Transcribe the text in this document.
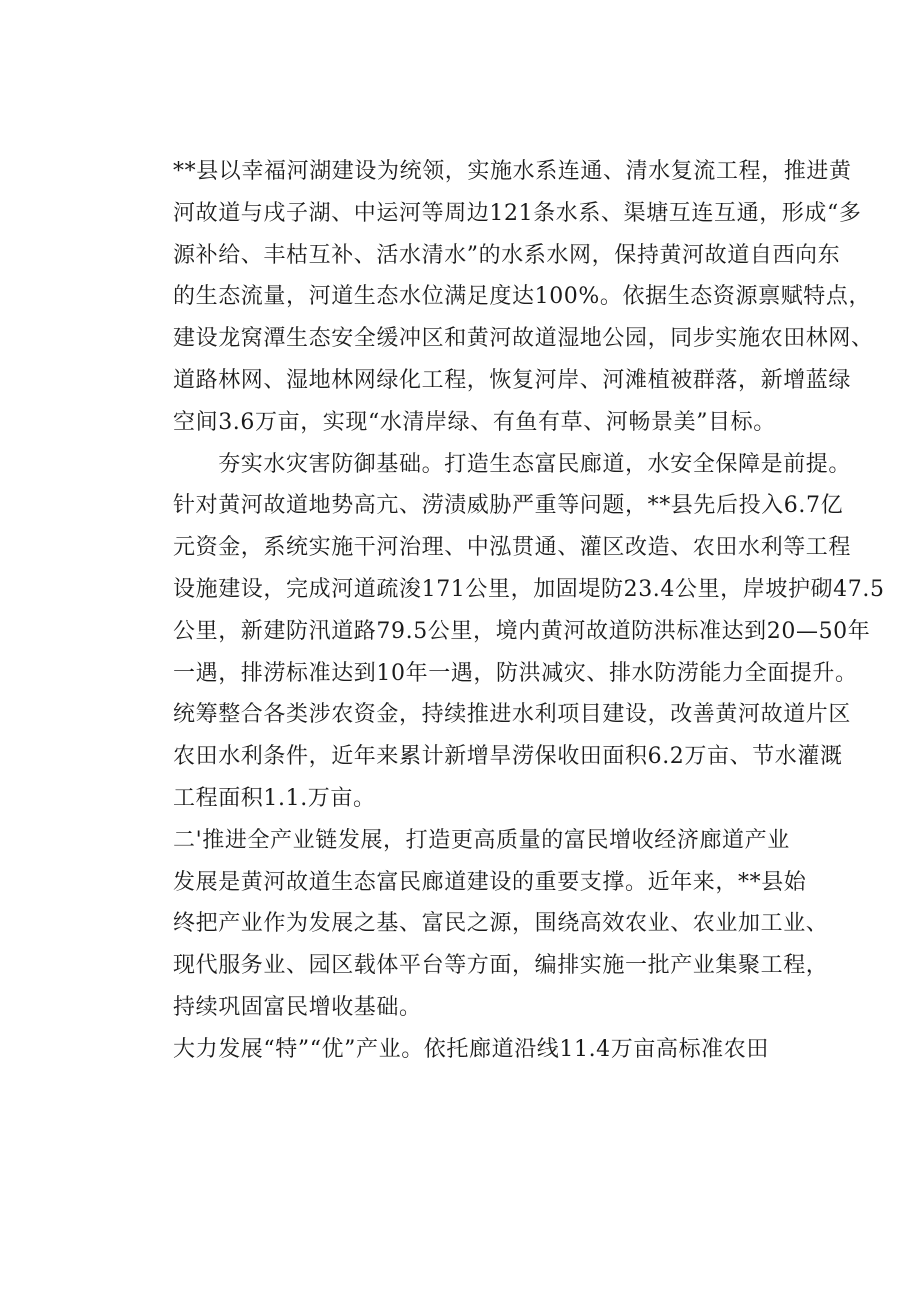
**县以幸福河湖建设为统领，实施水系连通、清水复流工程，推进黄
河故道与戌子湖、中运河等周边121条水系、渠塘互连互通，形成“多
源补给、丰枯互补、活水清水”的水系水网，保持黄河故道自西向东
的生态流量，河道生态水位满足度达100%。依据生态资源禀赋特点，
建设龙窝潭生态安全缓冲区和黄河故道湿地公园，同步实施农田林网、
道路林网、湿地林网绿化工程，恢复河岸、河滩植被群落，新增蓝绿
空间3.6万亩，实现“水清岸绿、有鱼有草、河畅景美”目标。
　　夯实水灾害防御基础。打造生态富民廊道，水安全保障是前提。
针对黄河故道地势高亢、涝渍威胁严重等问题，**县先后投入6.7亿
元资金，系统实施干河治理、中泓贯通、灌区改造、农田水利等工程
设施建设，完成河道疏浚171公里，加固堤防23.4公里，岸坡护砌47.5
公里，新建防汛道路79.5公里，境内黄河故道防洪标准达到20—50年
一遇，排涝标准达到10年一遇，防洪减灾、排水防涝能力全面提升。
统筹整合各类涉农资金，持续推进水利项目建设，改善黄河故道片区
农田水利条件，近年来累计新增旱涝保收田面积6.2万亩、节水灌溉
工程面积1.1.万亩。
二'推进全产业链发展，打造更高质量的富民增收经济廊道产业
发展是黄河故道生态富民廊道建设的重要支撑。近年来，**县始
终把产业作为发展之基、富民之源，围绕高效农业、农业加工业、
现代服务业、园区载体平台等方面，编排实施一批产业集聚工程，
持续巩固富民增收基础。
大力发展“特”“优”产业。依托廊道沿线11.4万亩高标准农田
